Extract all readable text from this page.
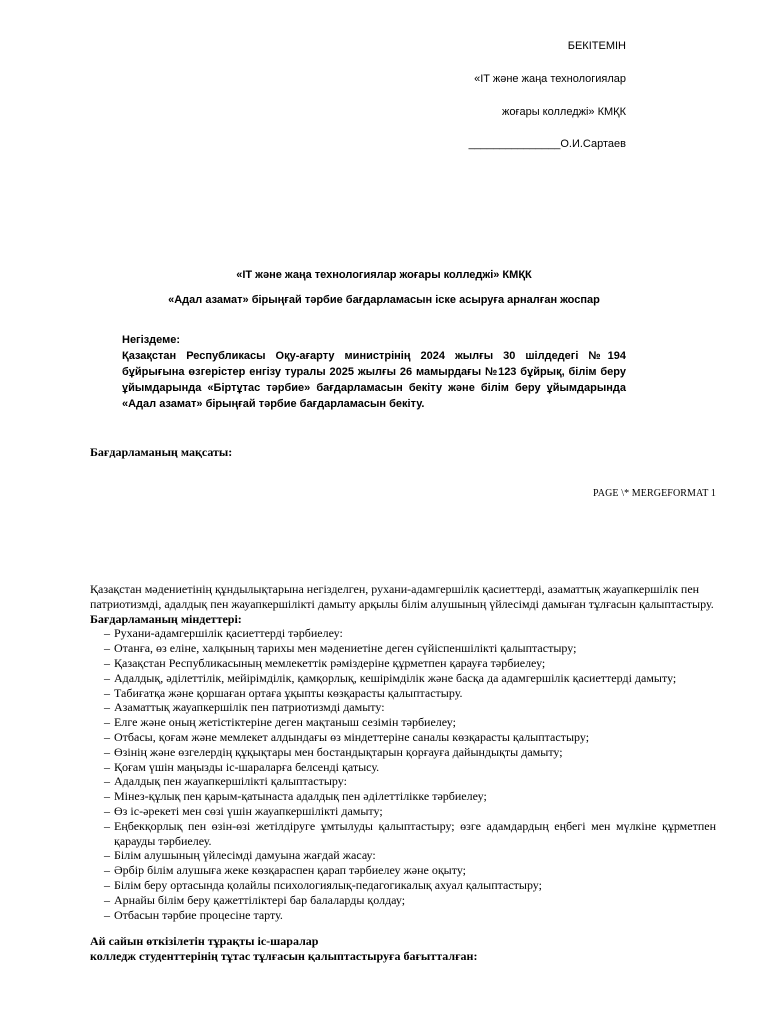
БЕКІТЕМІН
«IT және жаңа технологиялар
жоғары колледжі» КМҚК
_______________О.И.Сартаев
«IT және жаңа технологиялар жоғары колледжі» КМҚК
«Адал азамат» бірыңғай тәрбие бағдарламасын іске асыруға арналған жоспар
Негіздеме:
Қазақстан Республикасы Оқу-ағарту министрінің 2024 жылғы 30 шілдедегі №194 бұйрығына өзгерістер енгізу туралы 2025 жылғы 26 мамырдағы №123 бұйрық, білім беру ұйымдарында «Біртұтас тәрбие» бағдарламасын бекіту және білім беру ұйымдарында «Адал азамат» бірыңғай тәрбие бағдарламасын бекіту.
Бағдарламаның мақсаты:
PAGE \* MERGEFORMAT 1

Қазақстан мәдениетінің құндылықтарына негізделген, рухани-адамгершілік қасиеттерді, азаматтық жауапкершілік пен патриотизмді, адалдық пен жауапкершілікті дамыту арқылы білім алушының үйлесімді дамыған тұлғасын қалыптастыру.

Бағдарламаның міндеттері:

– Рухани-адамгершілік қасиеттерді тәрбиелеу:
– Отанға, өз еліне, халқының тарихы мен мәдениетіне деген сүйіспеншілікті қалыптастыру;
– Қазақстан Республикасының мемлекеттік рәміздеріне құрметпен қарауға тәрбиелеу;
– Адалдық, әділеттілік, мейірімділік, қамқорлық, кешірімділік және басқа да адамгершілік қасиеттерді дамыту;
– Табиғатқа және қоршаған ортаға ұқыпты көзқарасты қалыптастыру.
– Азаматтық жауапкершілік пен патриотизмді дамыту:
– Елге және оның жетістіктеріне деген мақтаныш сезімін тәрбиелеу;
– Отбасы, қоғам және мемлекет алдындағы өз міндеттеріне саналы көзқарасты қалыптастыру;
– Өзінің және өзгелердің құқықтары мен бостандықтарын қорғауға дайындықты дамыту;
– Қоғам үшін маңызды іс-шараларға белсенді қатысу.
– Адалдық пен жауапкершілікті қалыптастыру:
– Мінез-құлық пен қарым-қатынаста адалдық пен әділеттілікке тәрбиелеу;
– Өз іс-әрекеті мен сөзі үшін жауапкершілікті дамыту;
– Еңбекқорлық пен өзін-өзі жетілдіруге ұмтылуды қалыптастыру; өзге адамдардың еңбегі мен мүлкіне құрметпен қарауды тәрбиелеу.
– Білім алушының үйлесімді дамуына жағдай жасау:
– Әрбір білім алушыға жеке көзқараспен қарап тәрбиелеу және оқыту;
– Білім беру ортасында қолайлы психологиялық-педагогикалық ахуал қалыптастыру;
– Арнайы білім беру қажеттіліктері бар балаларды қолдау;
– Отбасын тәрбие процесіне тарту.

Ай сайын өткізілетін тұрақты іс-шаралар

колледж студенттерінің тұтас тұлғасын қалыптастыруға бағытталған:
